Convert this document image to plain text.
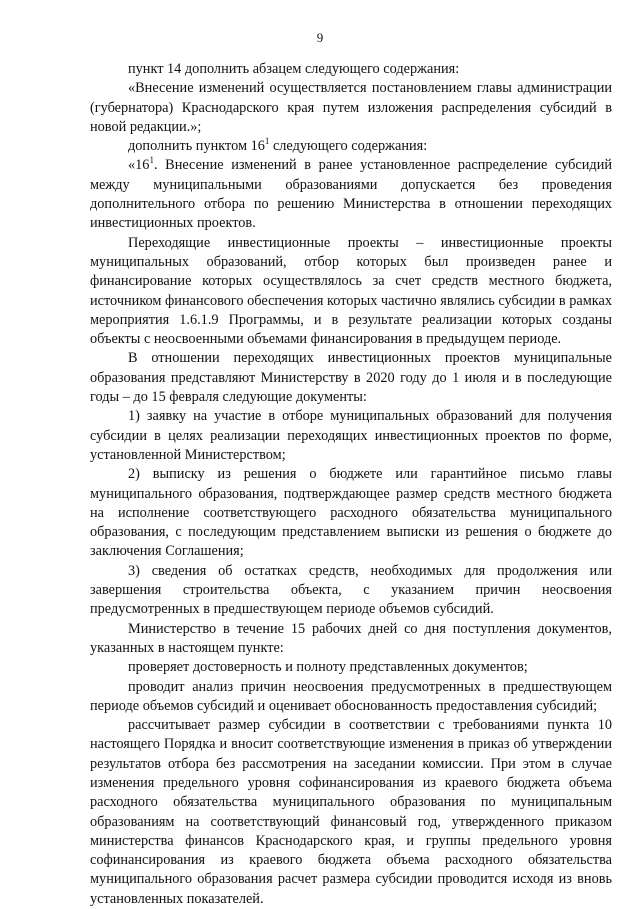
9

пункт 14 дополнить абзацем следующего содержания:

«Внесение изменений осуществляется постановлением главы администрации (губернатора) Краснодарского края путем изложения распределения субсидий в новой редакции.»;

дополнить пунктом $16^1$ следующего содержания:

«$16^1$. Внесение изменений в ранее установленное распределение субсидий между муниципальными образованиями допускается без проведения дополнительного отбора по решению Министерства в отношении переходящих инвестиционных проектов.

Переходящие инвестиционные проекты – инвестиционные проекты муниципальных образований, отбор которых был произведен ранее и финансирование которых осуществлялось за счет средств местного бюджета, источником финансового обеспечения которых частично являлись субсидии в рамках мероприятия 1.6.1.9 Программы, и в результате реализации которых созданы объекты с неосвоенными объемами финансирования в предыдущем периоде.

В отношении переходящих инвестиционных проектов муниципальные образования представляют Министерству в 2020 году до 1 июля и в последующие годы – до 15 февраля следующие документы:

1) заявку на участие в отборе муниципальных образований для получения субсидии в целях реализации переходящих инвестиционных проектов по форме, установленной Министерством;

2) выписку из решения о бюджете или гарантийное письмо главы муниципального образования, подтверждающее размер средств местного бюджета на исполнение соответствующего расходного обязательства муниципального образования, с последующим представлением выписки из решения о бюджете до заключения Соглашения;

3) сведения об остатках средств, необходимых для продолжения или завершения строительства объекта, с указанием причин неосвоения предусмотренных в предшествующем периоде объемов субсидий.

Министерство в течение 15 рабочих дней со дня поступления документов, указанных в настоящем пункте:

проверяет достоверность и полноту представленных документов;

проводит анализ причин неосвоения предусмотренных в предшествующем периоде объемов субсидий и оценивает обоснованность предоставления субсидий;

рассчитывает размер субсидии в соответствии с требованиями пункта 10 настоящего Порядка и вносит соответствующие изменения в приказ об утверждении результатов отбора без рассмотрения на заседании комиссии. При этом в случае изменения предельного уровня софинансирования из краевого бюджета объема расходного обязательства муниципального образования по муниципальным образованиям на соответствующий финансовый год, утвержденного приказом министерства финансов Краснодарского края, и группы предельного уровня софинансирования из краевого бюджета объема расходного обязательства муниципального образования расчет размера субсидии проводится исходя из вновь установленных показателей.
